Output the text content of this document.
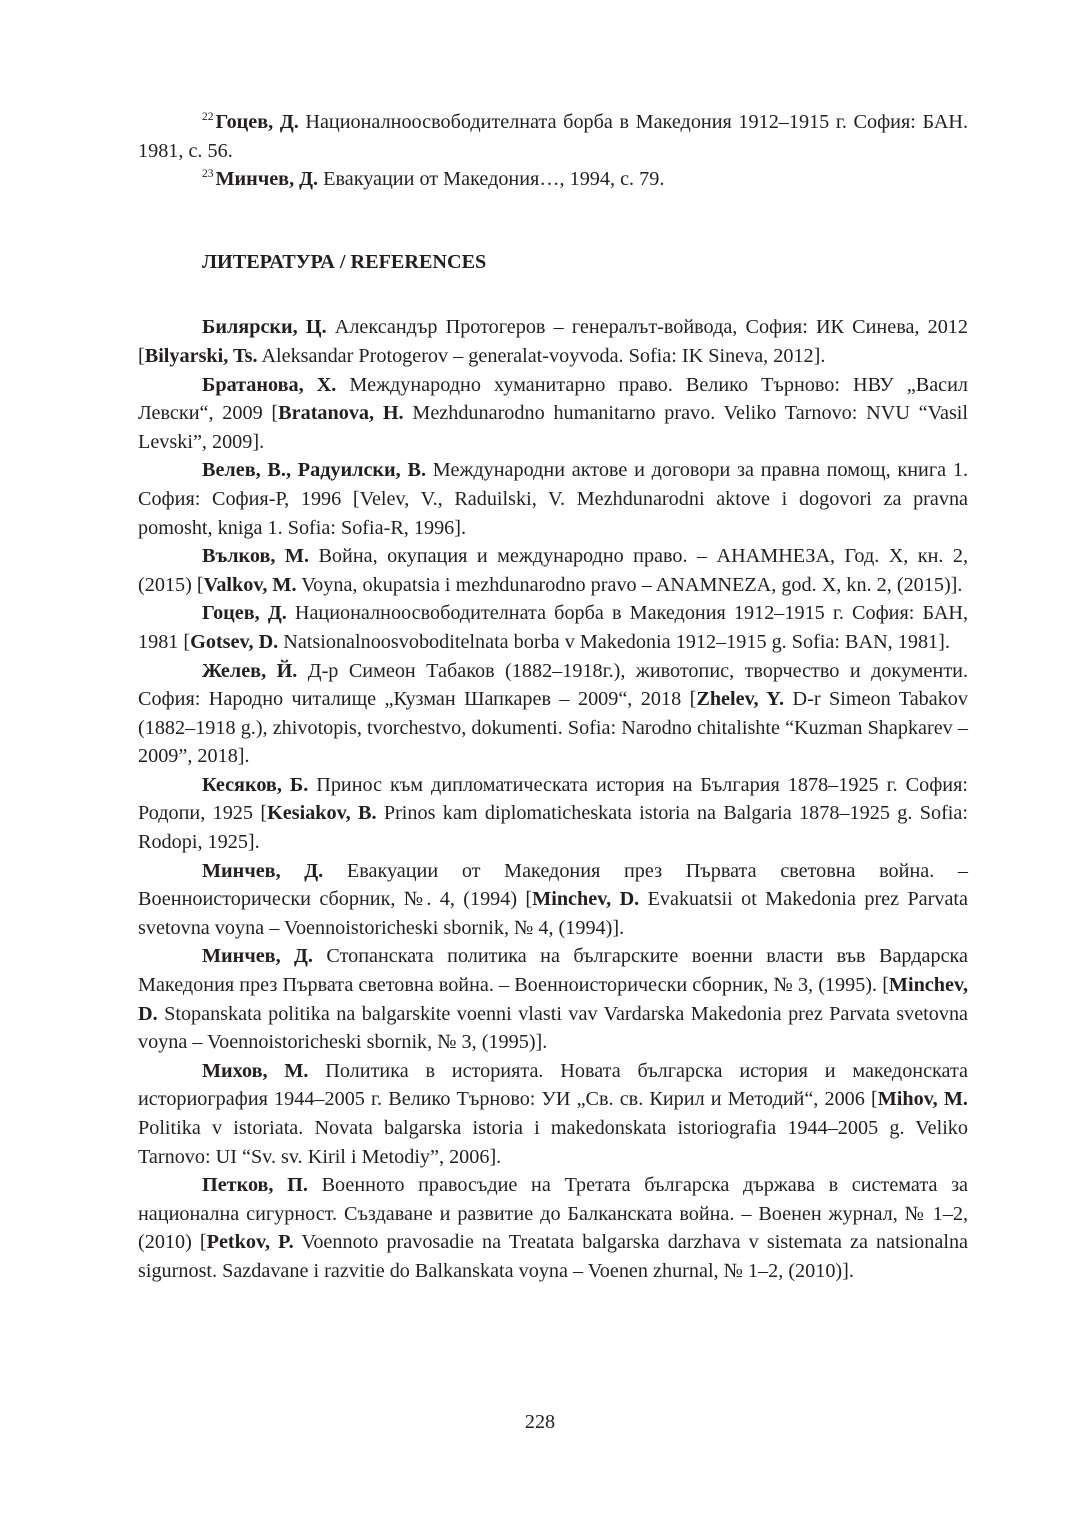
$^{22}$Гоцев, Д. Националноосвободителната борба в Македония 1912–1915 г. София: БАН. 1981, с. 56.

$^{23}$Минчев, Д. Евакуации от Македония…, 1994, с. 79.

ЛИТЕРАТУРА / REFERENCES

Билярски, Ц. Александър Протогеров – генералът-войвода, София: ИК Синева, 2012 [Bilyarski, Ts. Aleksandar Protogerov – generalat-voyvoda. Sofia: IK Sineva, 2012].

Братанова, Х. Международно хуманитарно право. Велико Търново: НВУ „Васил Левски“, 2009 [Bratanova, H. Mezhdunarodno humanitarno pravo. Veliko Tarnovo: NVU “Vasil Levski”, 2009].

Велев, В., Радуилски, В. Международни актове и договори за правна помощ, книга 1. София: София-Р, 1996 [Velev, V., Raduilski, V. Mezhdunarodni aktove i dogovori za pravna pomosht, kniga 1. Sofia: Sofia-R, 1996].

Вълков, М. Война, окупация и международно право. – АНАМНЕЗА, Год. X, кн. 2, (2015) [Valkov, M. Voyna, okupatsia i mezhdunarodno pravo – ANAMNEZA, god. X, kn. 2, (2015)].

Гоцев, Д. Националноосвободителната борба в Македония 1912–1915 г. София: БАН, 1981 [Gotsev, D. Natsionalnoosvoboditelnata borba v Makedonia 1912–1915 g. Sofia: BAN, 1981].

Желев, Й. Д-р Симеон Табаков (1882–1918г.), животопис, творчество и документи. София: Народно читалище „Кузман Шапкарев – 2009“, 2018 [Zhelev, Y. D-r Simeon Tabakov (1882–1918 g.), zhivotopis, tvorchestvo, dokumenti. Sofia: Narodno chitalishte “Kuzman Shapkarev – 2009”, 2018].

Кесяков, Б. Принос към дипломатическата история на България 1878–1925 г. София: Родопи, 1925 [Kesiakov, B. Prinos kam diplomaticheskata istoria na Balgaria 1878–1925 g. Sofia: Rodopi, 1925].

Минчев, Д. Евакуации от Македония през Първата световна война. – Военноисторически сборник, №. 4, (1994) [Minchev, D. Evakuatsii ot Makedonia prez Parvata svetovna voyna – Voennoistoricheski sbornik, № 4, (1994)].

Минчев, Д. Стопанската политика на българските военни власти във Вардарска Македония през Първата световна война. – Военноисторически сборник, № 3, (1995). [Minchev, D. Stopanskata politika na balgarskite voenni vlasti vav Vardarska Makedonia prez Parvata svetovna voyna – Voennoistoricheski sbornik, № 3, (1995)].

Михов, М. Политика в историята. Новата българска история и македонската историография 1944–2005 г. Велико Търново: УИ „Св. св. Кирил и Методий“, 2006 [Mihov, M. Politika v istoriata. Novata balgarska istoria i makedonskata istoriografia 1944–2005 g. Veliko Tarnovo: UI “Sv. sv. Kiril i Metodiy”, 2006].

Петков, П. Военното правосъдие на Третата българска държава в системата за национална сигурност. Създаване и развитие до Балканската война. – Военен журнал, № 1–2, (2010) [Petkov, P. Voennoto pravosadie na Treatata balgarska darzhava v sistemata za natsionalna sigurnost. Sazdavane i razvitie do Balkanskata voyna – Voenen zhurnal, № 1–2, (2010)].

228
